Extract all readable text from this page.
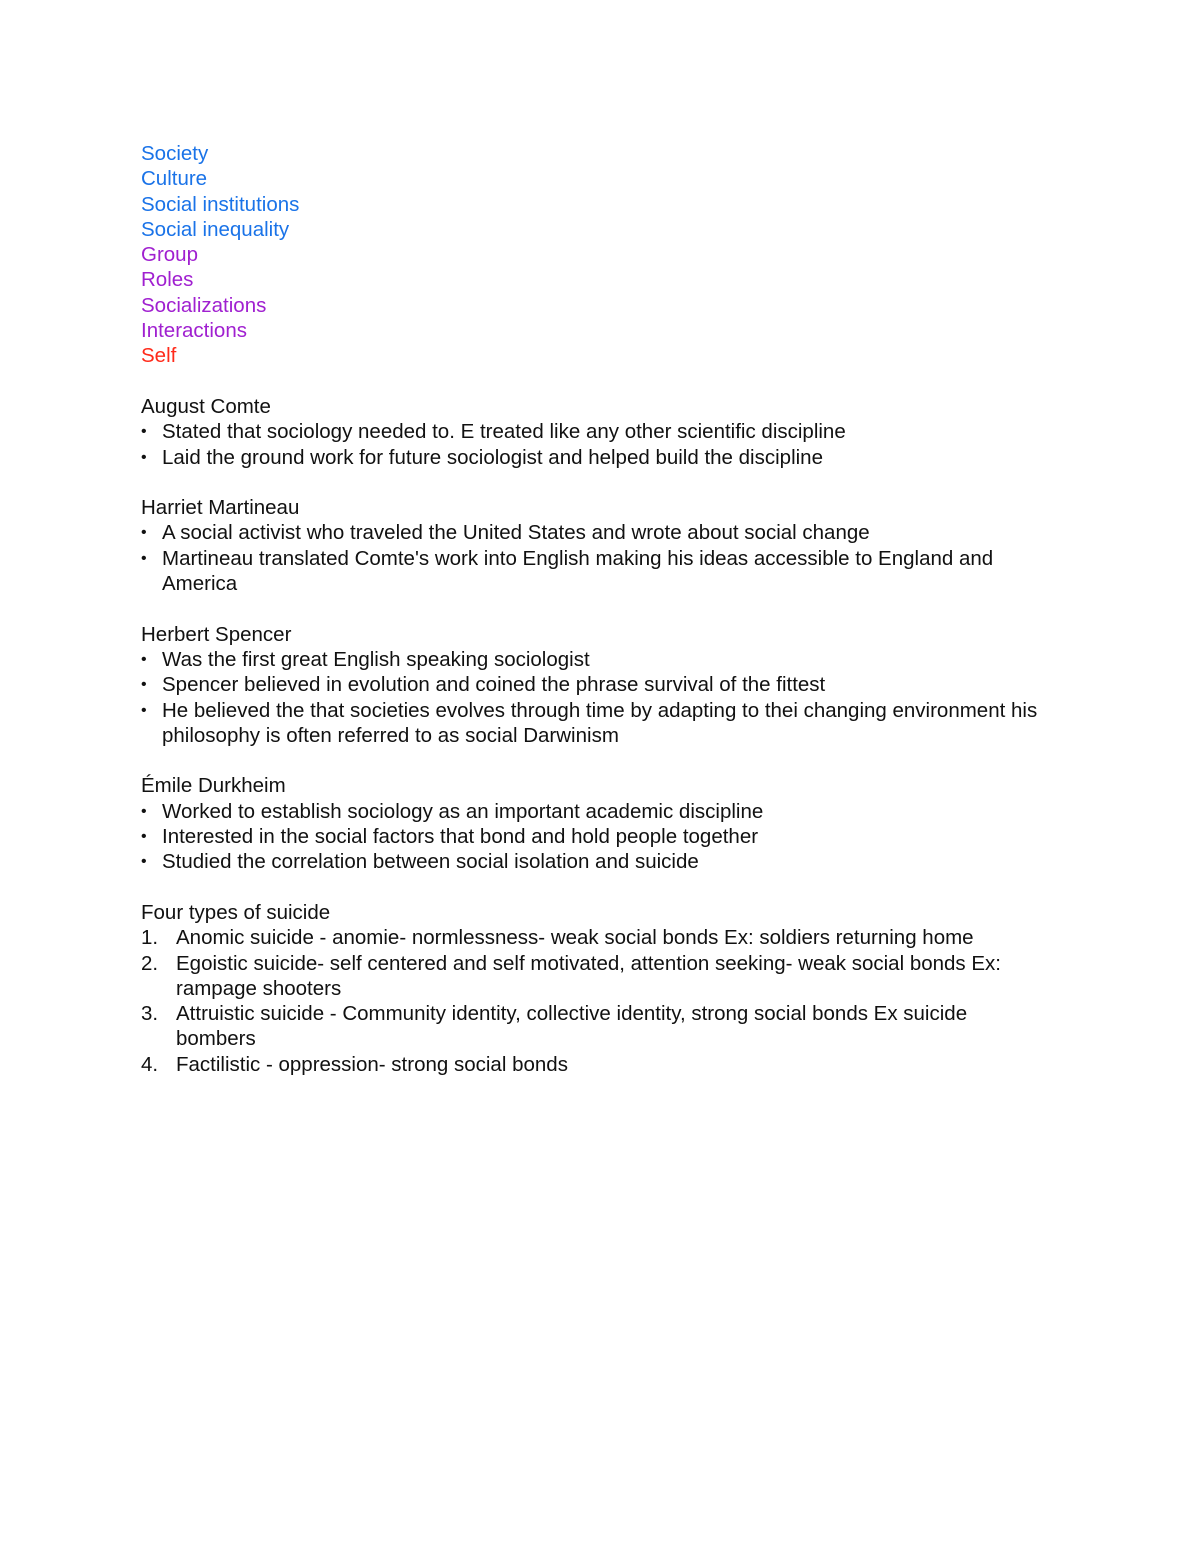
Society
Culture
Social institutions
Social inequality
Group
Roles
Socializations
Interactions
Self
August Comte
• Stated that sociology needed to. E treated like any other scientific discipline
• Laid the ground work for future sociologist and helped build the discipline
Harriet Martineau
• A social activist who traveled the United States and wrote about social change
• Martineau translated Comte's work into English making his ideas accessible to England and America
Herbert Spencer
• Was the first great English speaking sociologist
• Spencer believed in evolution and coined the phrase survival of the fittest
• He believed the that societies evolves through time by adapting to thei changing environment his philosophy is often referred to as social Darwinism
Émile Durkheim
• Worked to establish sociology as an important academic discipline
• Interested in the social factors that bond and hold people together
• Studied the correlation between social isolation and suicide
Four types of suicide
1. Anomic suicide - anomie- normlessness- weak social bonds Ex: soldiers returning home
2. Egoistic suicide- self centered and self motivated, attention seeking- weak social bonds Ex: rampage shooters
3. Attruistic suicide - Community identity, collective identity, strong social bonds Ex suicide bombers
4. Factilistic - oppression- strong social bonds
